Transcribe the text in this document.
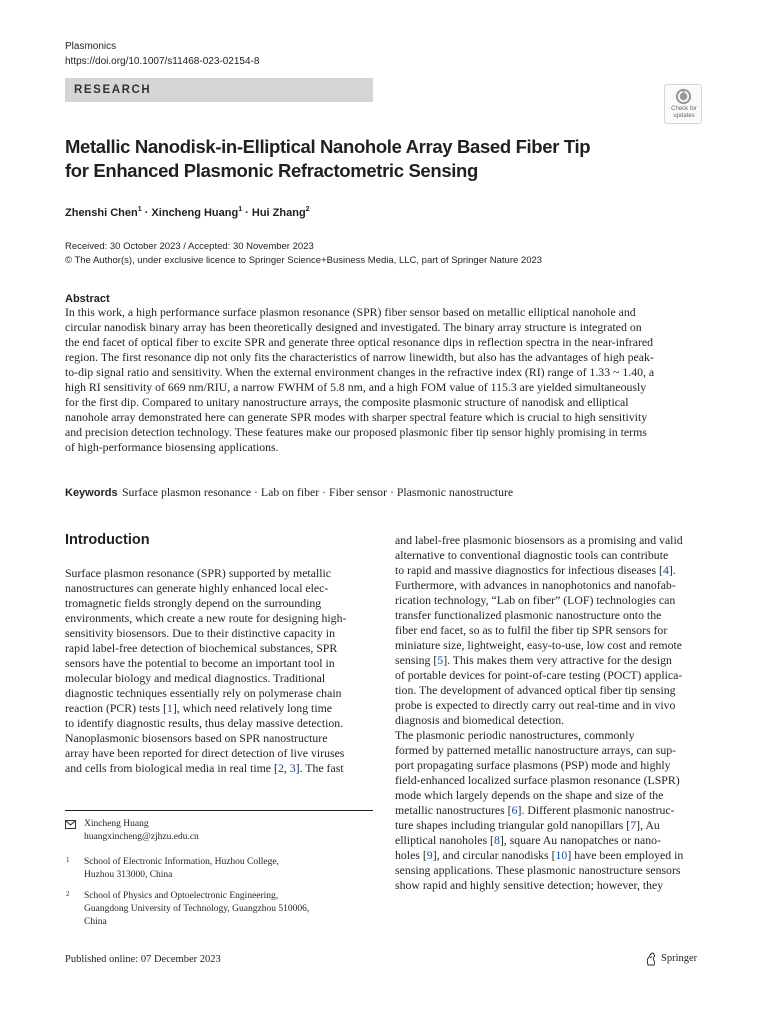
Plasmonics
https://doi.org/10.1007/s11468-023-02154-8
RESEARCH
Check for
updates
Metallic Nanodisk-in-Elliptical Nanohole Array Based Fiber Tip
for Enhanced Plasmonic Refractometric Sensing
Zhenshi Chen$^1$ · Xincheng Huang$^1$ · Hui Zhang$^2$
Received: 30 October 2023 / Accepted: 30 November 2023
© The Author(s), under exclusive licence to Springer Science+Business Media, LLC, part of Springer Nature 2023
Abstract
In this work, a high performance surface plasmon resonance (SPR) fiber sensor based on metallic elliptical nanohole and
circular nanodisk binary array has been theoretically designed and investigated. The binary array structure is integrated on
the end facet of optical fiber to excite SPR and generate three optical resonance dips in reflection spectra in the near-infrared
region. The first resonance dip not only fits the characteristics of narrow linewidth, but also has the advantages of high peak-
to-dip signal ratio and sensitivity. When the external environment changes in the refractive index (RI) range of 1.33 ~ 1.40, a
high RI sensitivity of 669 nm/RIU, a narrow FWHM of 5.8 nm, and a high FOM value of 115.3 are yielded simultaneously
for the first dip. Compared to unitary nanostructure arrays, the composite plasmonic structure of nanodisk and elliptical
nanohole array demonstrated here can generate SPR modes with sharper spectral feature which is crucial to high sensitivity
and precision detection technology. These features make our proposed plasmonic fiber tip sensor highly promising in terms
of high-performance biosensing applications.
Keywords Surface plasmon resonance · Lab on fiber · Fiber sensor · Plasmonic nanostructure
Introduction
Surface plasmon resonance (SPR) supported by metallic
nanostructures can generate highly enhanced local elec-
tromagnetic fields strongly depend on the surrounding
environments, which create a new route for designing high-
sensitivity biosensors. Due to their distinctive capacity in
rapid label-free detection of biochemical substances, SPR
sensors have the potential to become an important tool in
molecular biology and medical diagnostics. Traditional
diagnostic techniques essentially rely on polymerase chain
reaction (PCR) tests [1], which need relatively long time
to identify diagnostic results, thus delay massive detection.
Nanoplasmonic biosensors based on SPR nanostructure
array have been reported for direct detection of live viruses
and cells from biological media in real time [2, 3]. The fast
and label-free plasmonic biosensors as a promising and valid
alternative to conventional diagnostic tools can contribute
to rapid and massive diagnostics for infectious diseases [4].
Furthermore, with advances in nanophotonics and nanofab-
rication technology, “Lab on fiber” (LOF) technologies can
transfer functionalized plasmonic nanostructure onto the
fiber end facet, so as to fulfil the fiber tip SPR sensors for
miniature size, lightweight, easy-to-use, low cost and remote
sensing [5]. This makes them very attractive for the design
of portable devices for point-of-care testing (POCT) applica-
tion. The development of advanced optical fiber tip sensing
probe is expected to directly carry out real-time and in vivo
diagnosis and biomedical detection.
The plasmonic periodic nanostructures, commonly
formed by patterned metallic nanostructure arrays, can sup-
port propagating surface plasmons (PSP) mode and highly
field-enhanced localized surface plasmon resonance (LSPR)
mode which largely depends on the shape and size of the
metallic nanostructures [6]. Different plasmonic nanostruc-
ture shapes including triangular gold nanopillars [7], Au
elliptical nanoholes [8], square Au nanopatches or nano-
holes [9], and circular nanodisks [10] have been employed in
sensing applications. These plasmonic nanostructure sensors
show rapid and highly sensitive detection; however, they
Xincheng Huang
huangxincheng@zjhzu.edu.cn
1 School of Electronic Information, Huzhou College,
Huzhou 313000, China
2 School of Physics and Optoelectronic Engineering,
Guangdong University of Technology, Guangzhou 510006,
China
Published online: 07 December 2023	Springer
